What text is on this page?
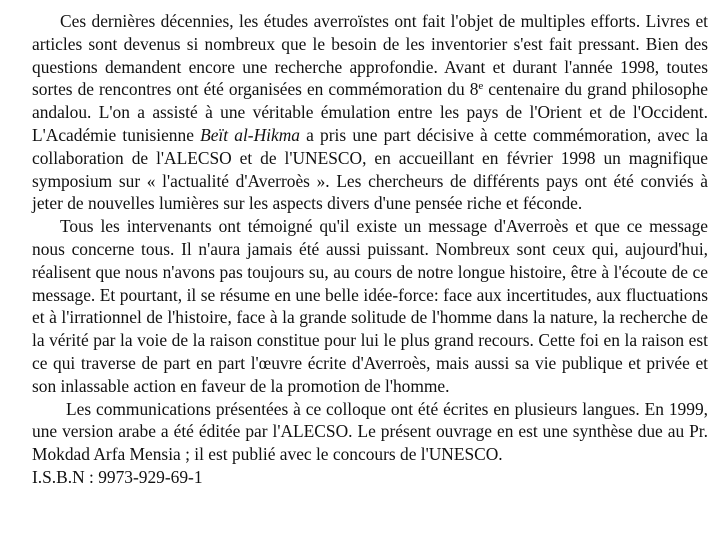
Ces dernières décennies, les études averroïstes ont fait l'objet de multiples efforts. Livres et articles sont devenus si nombreux que le besoin de les inventorier s'est fait pressant. Bien des questions demandent encore une recherche approfondie. Avant et durant l'année 1998, toutes sortes de rencontres ont été organisées en commémoration du 8e centenaire du grand philosophe andalou. L'on a assisté à une véritable émulation entre les pays de l'Orient et de l'Occident. L'Académie tunisienne Beït al-Hikma a pris une part décisive à cette commémoration, avec la collaboration de l'ALECSO et de l'UNESCO, en accueillant en février 1998 un magnifique symposium sur « l'actualité d'Averroès ». Les chercheurs de différents pays ont été conviés à jeter de nouvelles lumières sur les aspects divers d'une pensée riche et féconde.

Tous les intervenants ont témoigné qu'il existe un message d'Averroès et que ce message nous concerne tous. Il n'aura jamais été aussi puissant. Nombreux sont ceux qui, aujourd'hui, réalisent que nous n'avons pas toujours su, au cours de notre longue histoire, être à l'écoute de ce message. Et pourtant, il se résume en une belle idée-force: face aux incertitudes, aux fluctuations et à l'irrationnel de l'histoire, face à la grande solitude de l'homme dans la nature, la recherche de la vérité par la voie de la raison constitue pour lui le plus grand recours. Cette foi en la raison est ce qui traverse de part en part l'œuvre écrite d'Averroès, mais aussi sa vie publique et privée et son inlassable action en faveur de la promotion de l'homme.

Les communications présentées à ce colloque ont été écrites en plusieurs langues. En 1999, une version arabe a été éditée par l'ALECSO. Le présent ouvrage en est une synthèse due au Pr. Mokdad Arfa Mensia ; il est publié avec le concours de l'UNESCO.

I.S.B.N : 9973-929-69-1
